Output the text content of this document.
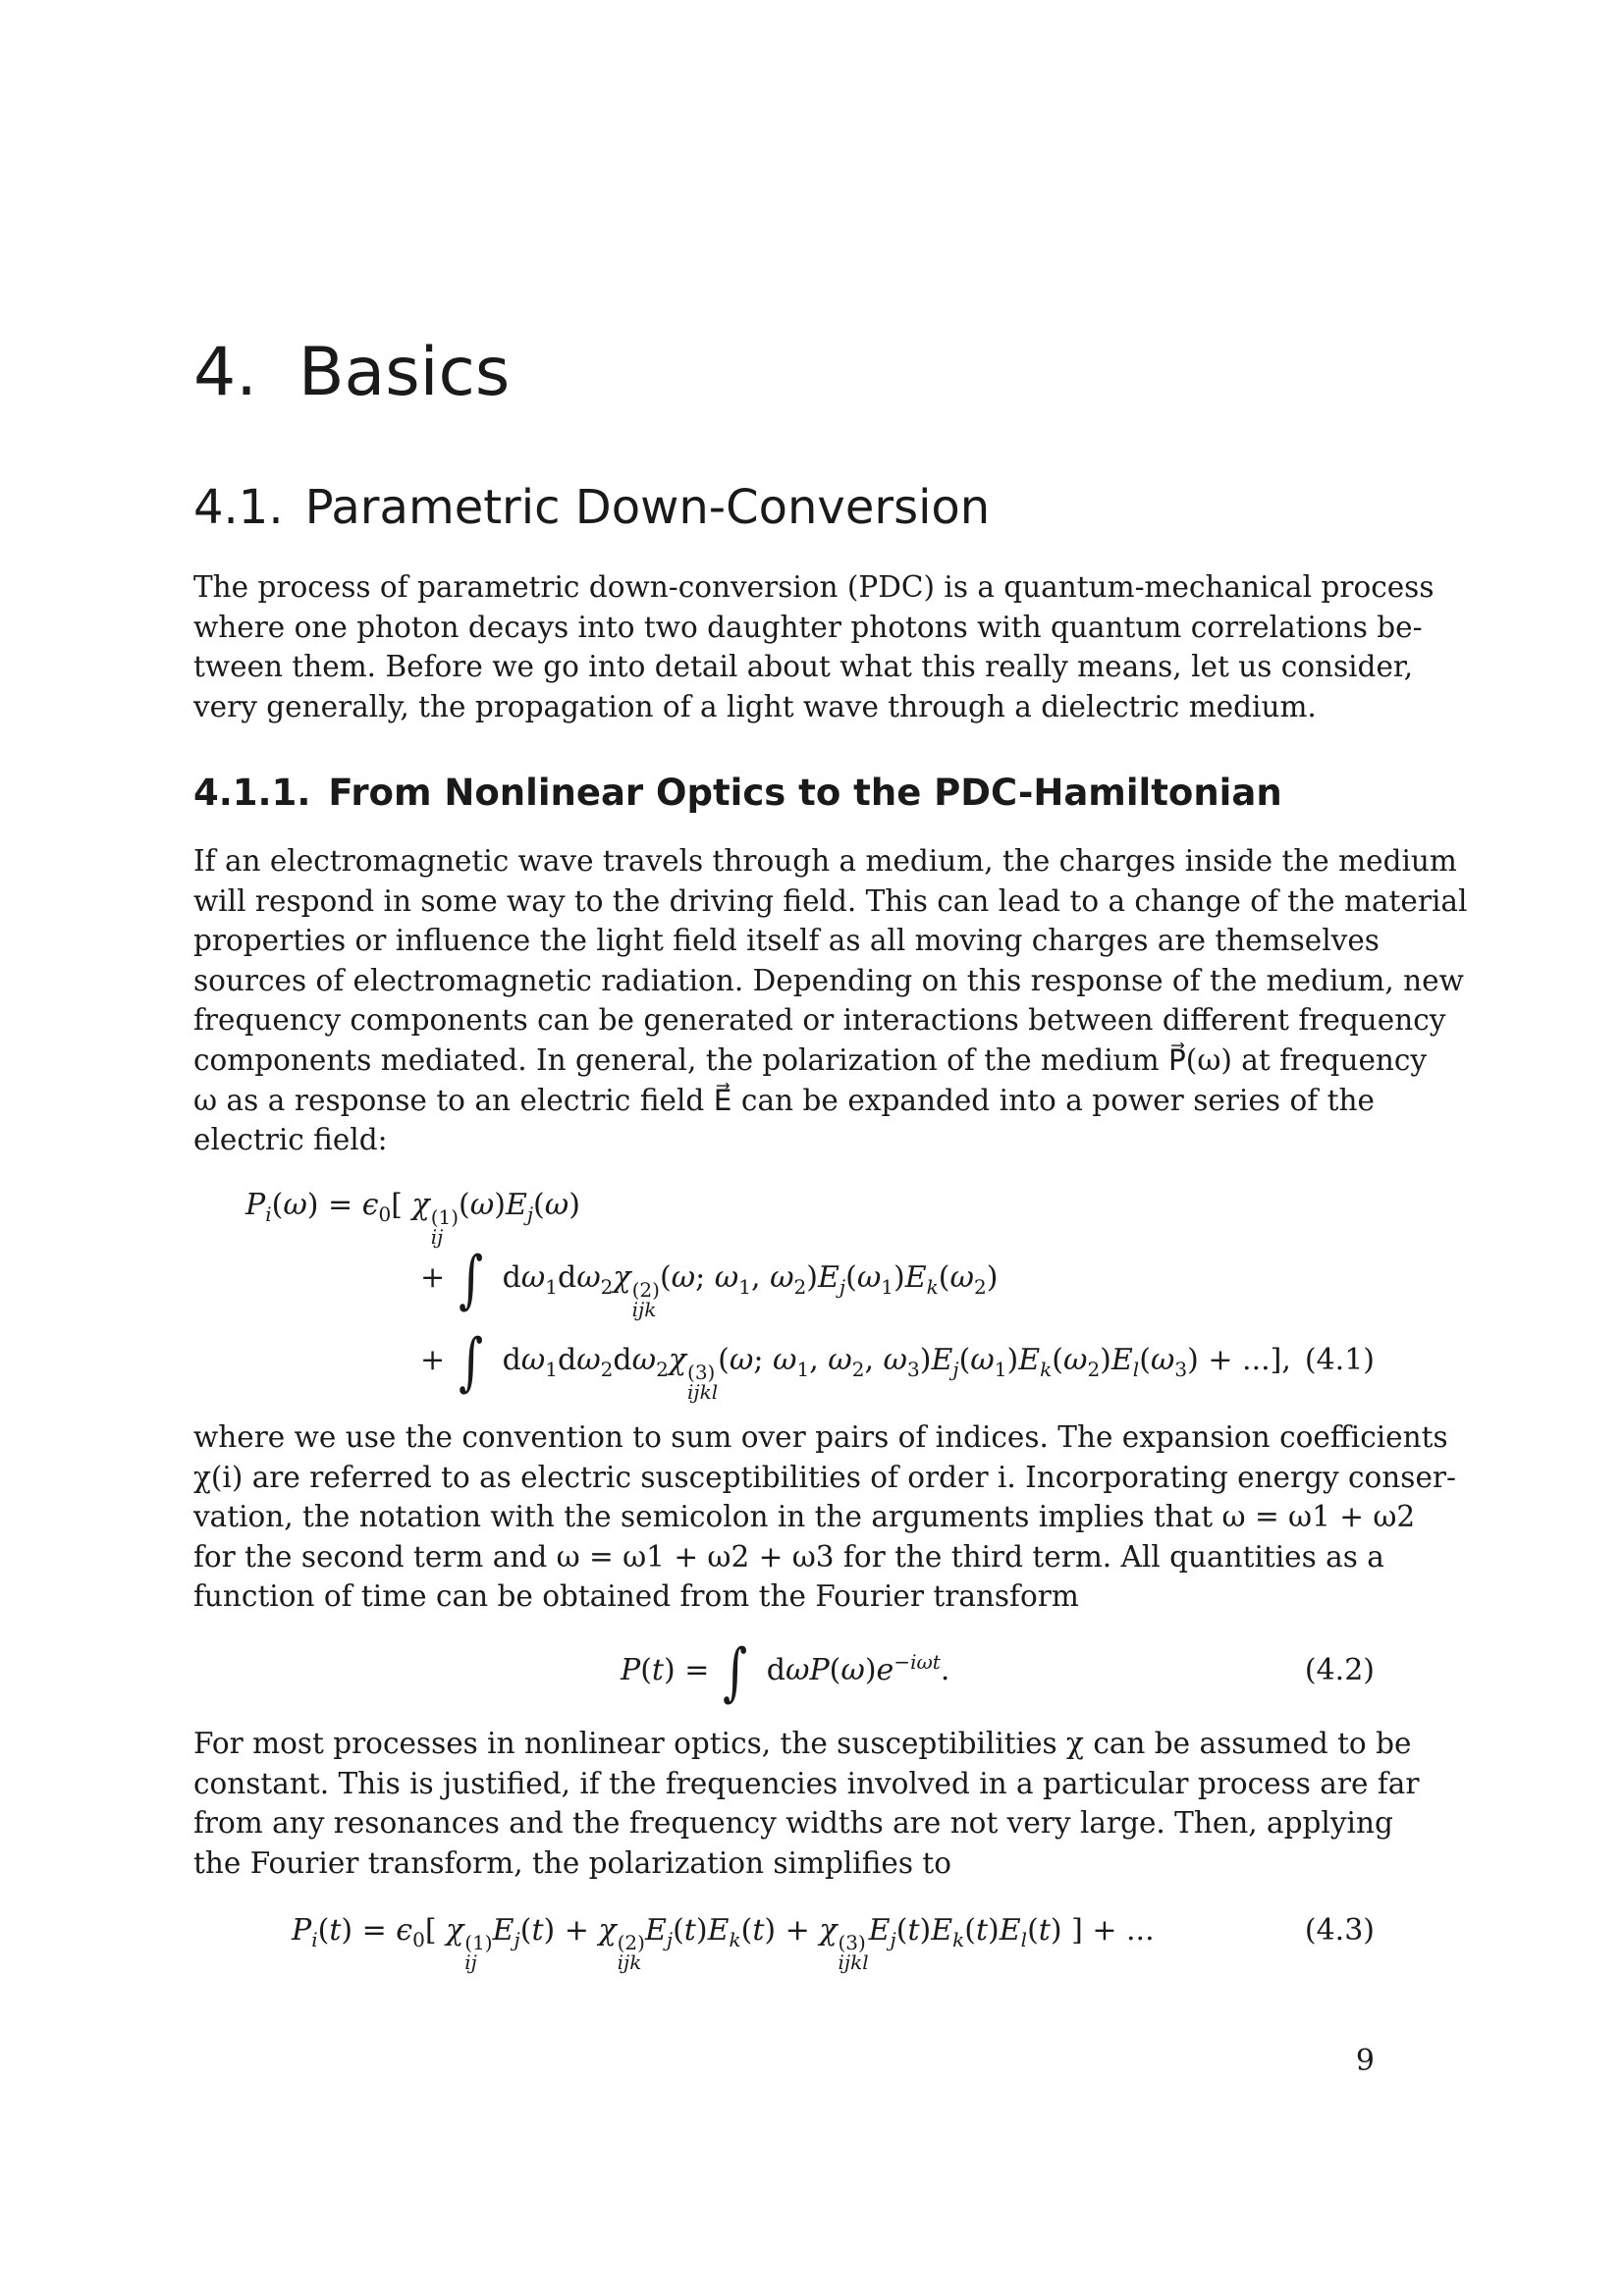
4. Basics
4.1. Parametric Down-Conversion
The process of parametric down-conversion (PDC) is a quantum-mechanical process
where one photon decays into two daughter photons with quantum correlations be-
tween them. Before we go into detail about what this really means, let us consider,
very generally, the propagation of a light wave through a dielectric medium.
4.1.1. From Nonlinear Optics to the PDC-Hamiltonian
If an electromagnetic wave travels through a medium, the charges inside the medium
will respond in some way to the driving field. This can lead to a change of the material
properties or influence the light field itself as all moving charges are themselves
sources of electromagnetic radiation. Depending on this response of the medium, new
frequency components can be generated or interactions between different frequency
components mediated. In general, the polarization of the medium P⃗(ω) at frequency
ω as a response to an electric field E⃗ can be expanded into a power series of the
electric field:
$P_i(\omega) = \epsilon_0$[ χ (1)
ij
$(\omega)E_j(\omega)$
+ ∫ $d\omega_1d\omega_2\chi$ (2)
ijk
(ω; $\omega_1$, $\omega_2)E_j(\omega_1)E_k(\omega_2)$
+ ∫ $d\omega_1d\omega_2d\omega_2\chi$ (3)
ijkl
(ω; $\omega_1$, $\omega_2$, $\omega_3)E_j(\omega_1)E_k(\omega_2)E_l(\omega_3)$ + ...], (4.1)
where we use the convention to sum over pairs of indices. The expansion coefficients
χ(i) are referred to as electric susceptibilities of order i. Incorporating energy conser-
vation, the notation with the semicolon in the arguments implies that ω = ω1 + ω2
for the second term and ω = ω1 + ω2 + ω3 for the third term. All quantities as a
function of time can be obtained from the Fourier transform
P(t) = ∫ $d\omega P(\omega)e^{-i\omega t}$.	(4.2)
For most processes in nonlinear optics, the susceptibilities χ can be assumed to be
constant. This is justified, if the frequencies involved in a particular process are far
from any resonances and the frequency widths are not very large. Then, applying
the Fourier transform, the polarization simplifies to
$P_i(t) = \epsilon_0$[ χ (1)
ij
$E_j(t) + \chi$ (2)
ijk
$E_j(t)E_k(t) + \chi$ (3)
ijkl
$E_j(t)E_k(t)E_l(t)$ ] + ...	(4.3)
9
